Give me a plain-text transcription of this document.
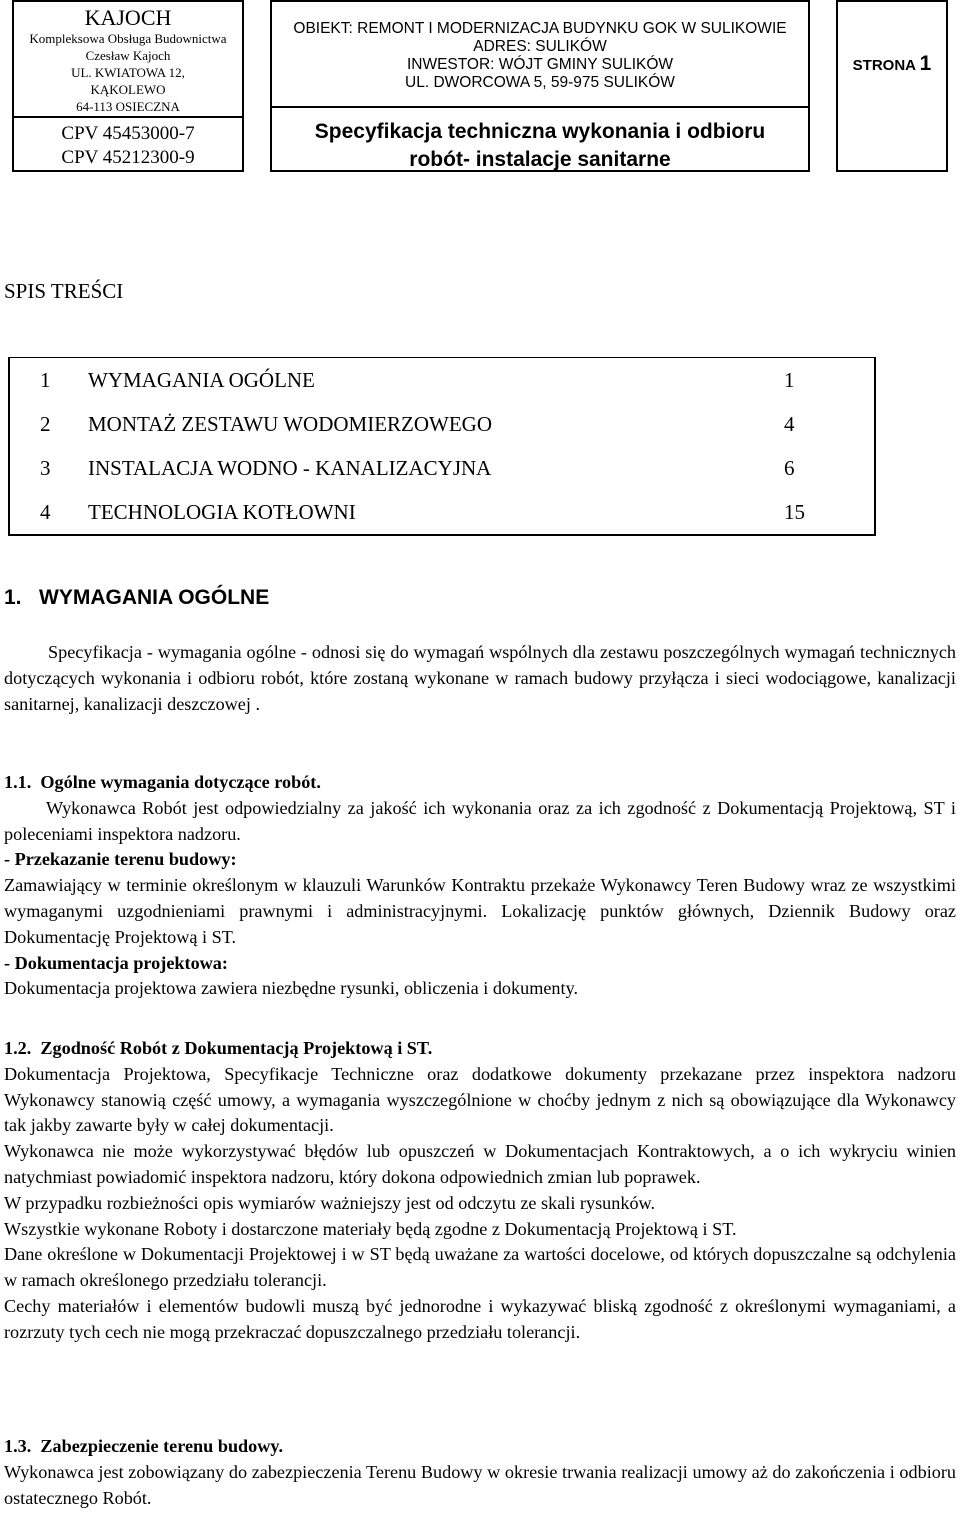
KAJOCH
Kompleksowa Obsługa Budownictwa
Czesław Kajoch
UL. KWIATOWA 12,
KĄKOLEWO
64-113 OSIECZNA
CPV 45453000-7
CPV 45212300-9
OBIEKT: REMONT I MODERNIZACJA BUDYNKU GOK W SULIKOWIE
ADRES: SULIKÓW
INWESTOR: WÓJT GMINY SULIKÓW
UL. DWORCOWA 5, 59-975 SULIKÓW
Specyfikacja techniczna wykonania i odbioru
robót- instalacje sanitarne
STRONA 1
SPIS TREŚCI
1	WYMAGANIA OGÓLNE	1
2	MONTAŻ ZESTAWU WODOMIERZOWEGO	4
3	INSTALACJA WODNO - KANALIZACYJNA	6
4	TECHNOLOGIA KOTŁOWNI	15
1.   WYMAGANIA OGÓLNE

Specyfikacja - wymagania ogólne - odnosi się do wymagań wspólnych dla zestawu poszczególnych wymagań technicznych dotyczących wykonania i odbioru robót, które zostaną wykonane w ramach budowy przyłącza i sieci wodociągowe, kanalizacji sanitarnej, kanalizacji deszczowej .

1.1.  Ogólne wymagania dotyczące robót.

Wykonawca Robót jest odpowiedzialny za jakość ich wykonania oraz za ich zgodność z Dokumentacją Projektową, ST i poleceniami inspektora nadzoru.

- Przekazanie terenu budowy:

Zamawiający w terminie określonym w klauzuli Warunków Kontraktu przekaże Wykonawcy Teren Budowy wraz ze wszystkimi wymaganymi uzgodnieniami prawnymi i administracyjnymi. Lokalizację punktów głównych, Dziennik Budowy oraz Dokumentację Projektową i ST.

- Dokumentacja projektowa:

Dokumentacja projektowa zawiera niezbędne rysunki, obliczenia i dokumenty.

1.2.  Zgodność Robót z Dokumentacją Projektową i ST.

Dokumentacja Projektowa, Specyfikacje Techniczne oraz dodatkowe dokumenty przekazane przez inspektora nadzoru Wykonawcy stanowią część umowy, a wymagania wyszczególnione w choćby jednym z nich są obowiązujące dla Wykonawcy tak jakby zawarte były w całej dokumentacji.

Wykonawca nie może wykorzystywać błędów lub opuszczeń w Dokumentacjach Kontraktowych, a o ich wykryciu winien natychmiast powiadomić inspektora nadzoru, który dokona odpowiednich zmian lub poprawek.

W przypadku rozbieżności opis wymiarów ważniejszy jest od odczytu ze skali rysunków.

Wszystkie wykonane Roboty i dostarczone materiały będą zgodne z Dokumentacją Projektową i ST.

Dane określone w Dokumentacji Projektowej i w ST będą uważane za wartości docelowe, od których dopuszczalne są odchylenia w ramach określonego przedziału tolerancji.

Cechy materiałów i elementów budowli muszą być jednorodne i wykazywać bliską zgodność z określonymi wymaganiami, a rozrzuty tych cech nie mogą przekraczać dopuszczalnego przedziału tolerancji.

1.3.  Zabezpieczenie terenu budowy.

Wykonawca jest zobowiązany do zabezpieczenia Terenu Budowy w okresie trwania realizacji umowy aż do zakończenia i odbioru ostatecznego Robót.
